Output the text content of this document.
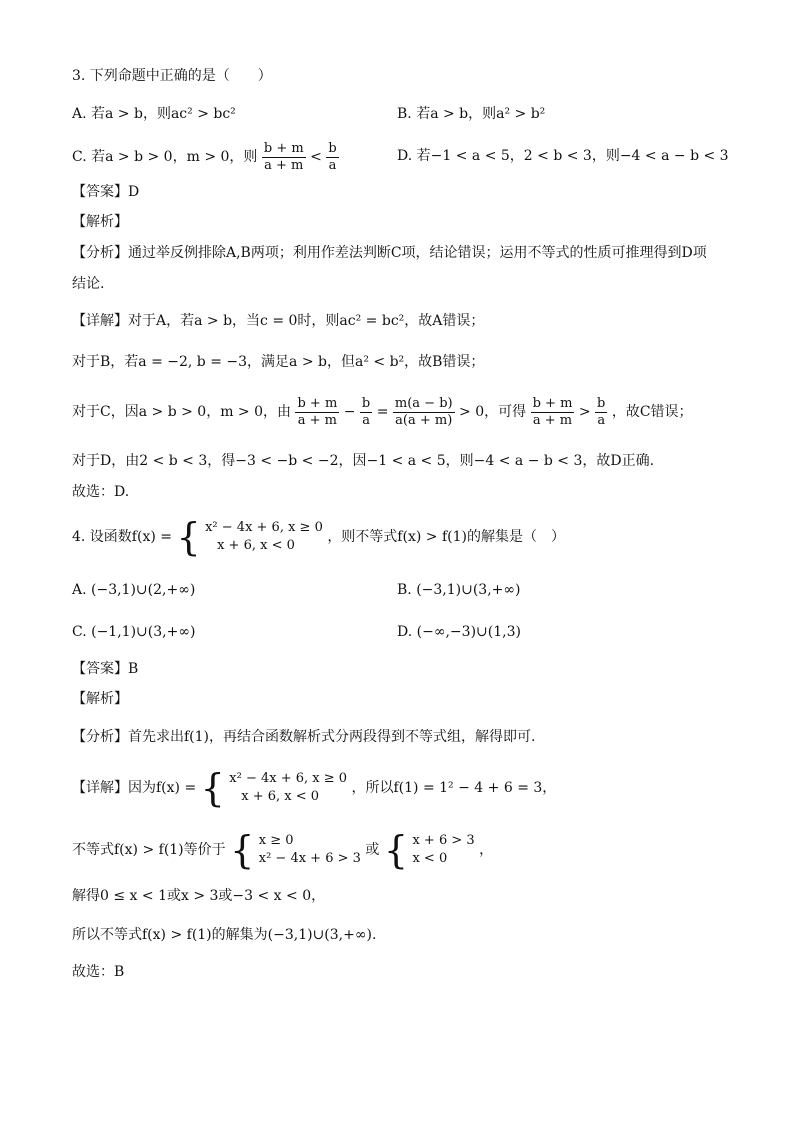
3. 下列命题中正确的是（　　）
A. 若a > b，则ac² > bc²	B. 若a > b，则a² > b²
C. 若a > b > 0，m > 0，则 $\frac{b + m}{a + m} < \frac{b}{a}$	D. 若−1 < a < 5，2 < b < 3，则−4 < a − b < 3
【答案】D
【解析】
【分析】通过举反例排除A,B两项；利用作差法判断C项，结论错误；运用不等式的性质可推理得到D项
结论.
【详解】对于A，若a > b，当c = 0时，则ac² = bc²，故A错误；
对于B，若a = −2, b = −3，满足a > b，但a² < b²，故B错误；
对于C，因a > b > 0，m > 0，由 $\frac{b + m}{a + m} - \frac{b}{a} = \frac{m(a - b)}{a(a + m)} > 0$，可得 $\frac{b + m}{a + m} > \frac{b}{a}$ ，故C错误；
对于D，由2 < b < 3，得−3 < −b < −2，因−1 < a < 5，则−4 < a − b < 3，故D正确.
故选：D.
4. 设函数f(x) = { x² − 4x + 6, x ≥ 0
x + 6, x < 0
，则不等式f(x) > f(1)的解集是（　）
A. (−3,1)∪(2,+∞)	B. (−3,1)∪(3,+∞)
C. (−1,1)∪(3,+∞)	D. (−∞,−3)∪(1,3)
【答案】B
【解析】
【分析】首先求出f(1)，再结合函数解析式分两段得到不等式组，解得即可.
【详解】因为f(x) = { x² − 4x + 6, x ≥ 0
x + 6, x < 0
，所以f(1) = 1² − 4 + 6 = 3，
不等式f(x) > f(1)等价于 { x ≥ 0
x² − 4x + 6 > 3
或 { x + 6 > 3
x < 0
，
解得0 ≤ x < 1或x > 3或−3 < x < 0，
所以不等式f(x) > f(1)的解集为(−3,1)∪(3,+∞).
故选：B
